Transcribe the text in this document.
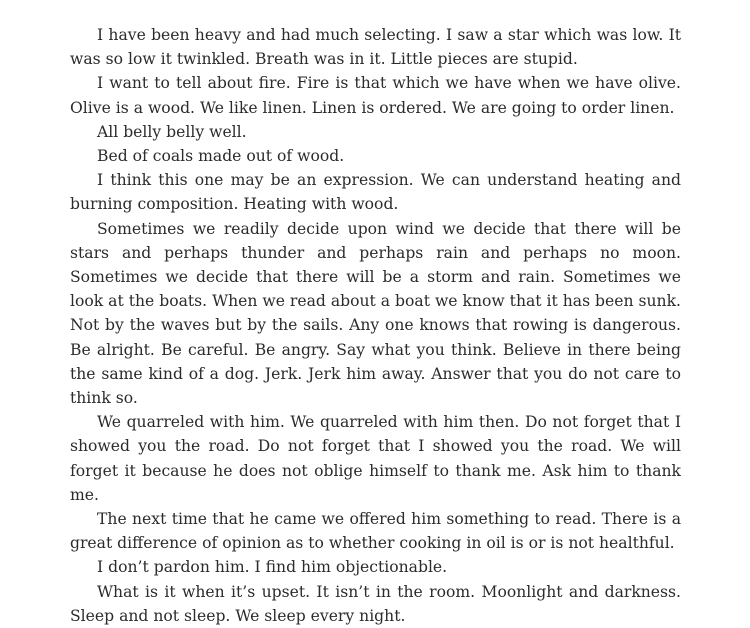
I have been heavy and had much selecting. I saw a star which was low. It was so low it twinkled. Breath was in it. Little pieces are stupid.

I want to tell about fire. Fire is that which we have when we have olive. Olive is a wood. We like linen. Linen is ordered. We are going to order linen.

All belly belly well.

Bed of coals made out of wood.

I think this one may be an expression. We can understand heating and burning composition. Heating with wood.

Sometimes we readily decide upon wind we decide that there will be stars and perhaps thunder and perhaps rain and perhaps no moon. Sometimes we decide that there will be a storm and rain. Sometimes we look at the boats. When we read about a boat we know that it has been sunk. Not by the waves but by the sails. Any one knows that rowing is dangerous. Be alright. Be careful. Be angry. Say what you think. Believe in there being the same kind of a dog. Jerk. Jerk him away. Answer that you do not care to think so.

We quarreled with him. We quarreled with him then. Do not forget that I showed you the road. Do not forget that I showed you the road. We will forget it because he does not oblige himself to thank me. Ask him to thank me.

The next time that he came we offered him something to read. There is a great difference of opinion as to whether cooking in oil is or is not healthful.

I don’t pardon him. I find him objectionable.

What is it when it’s upset. It isn’t in the room. Moonlight and darkness. Sleep and not sleep. We sleep every night.
